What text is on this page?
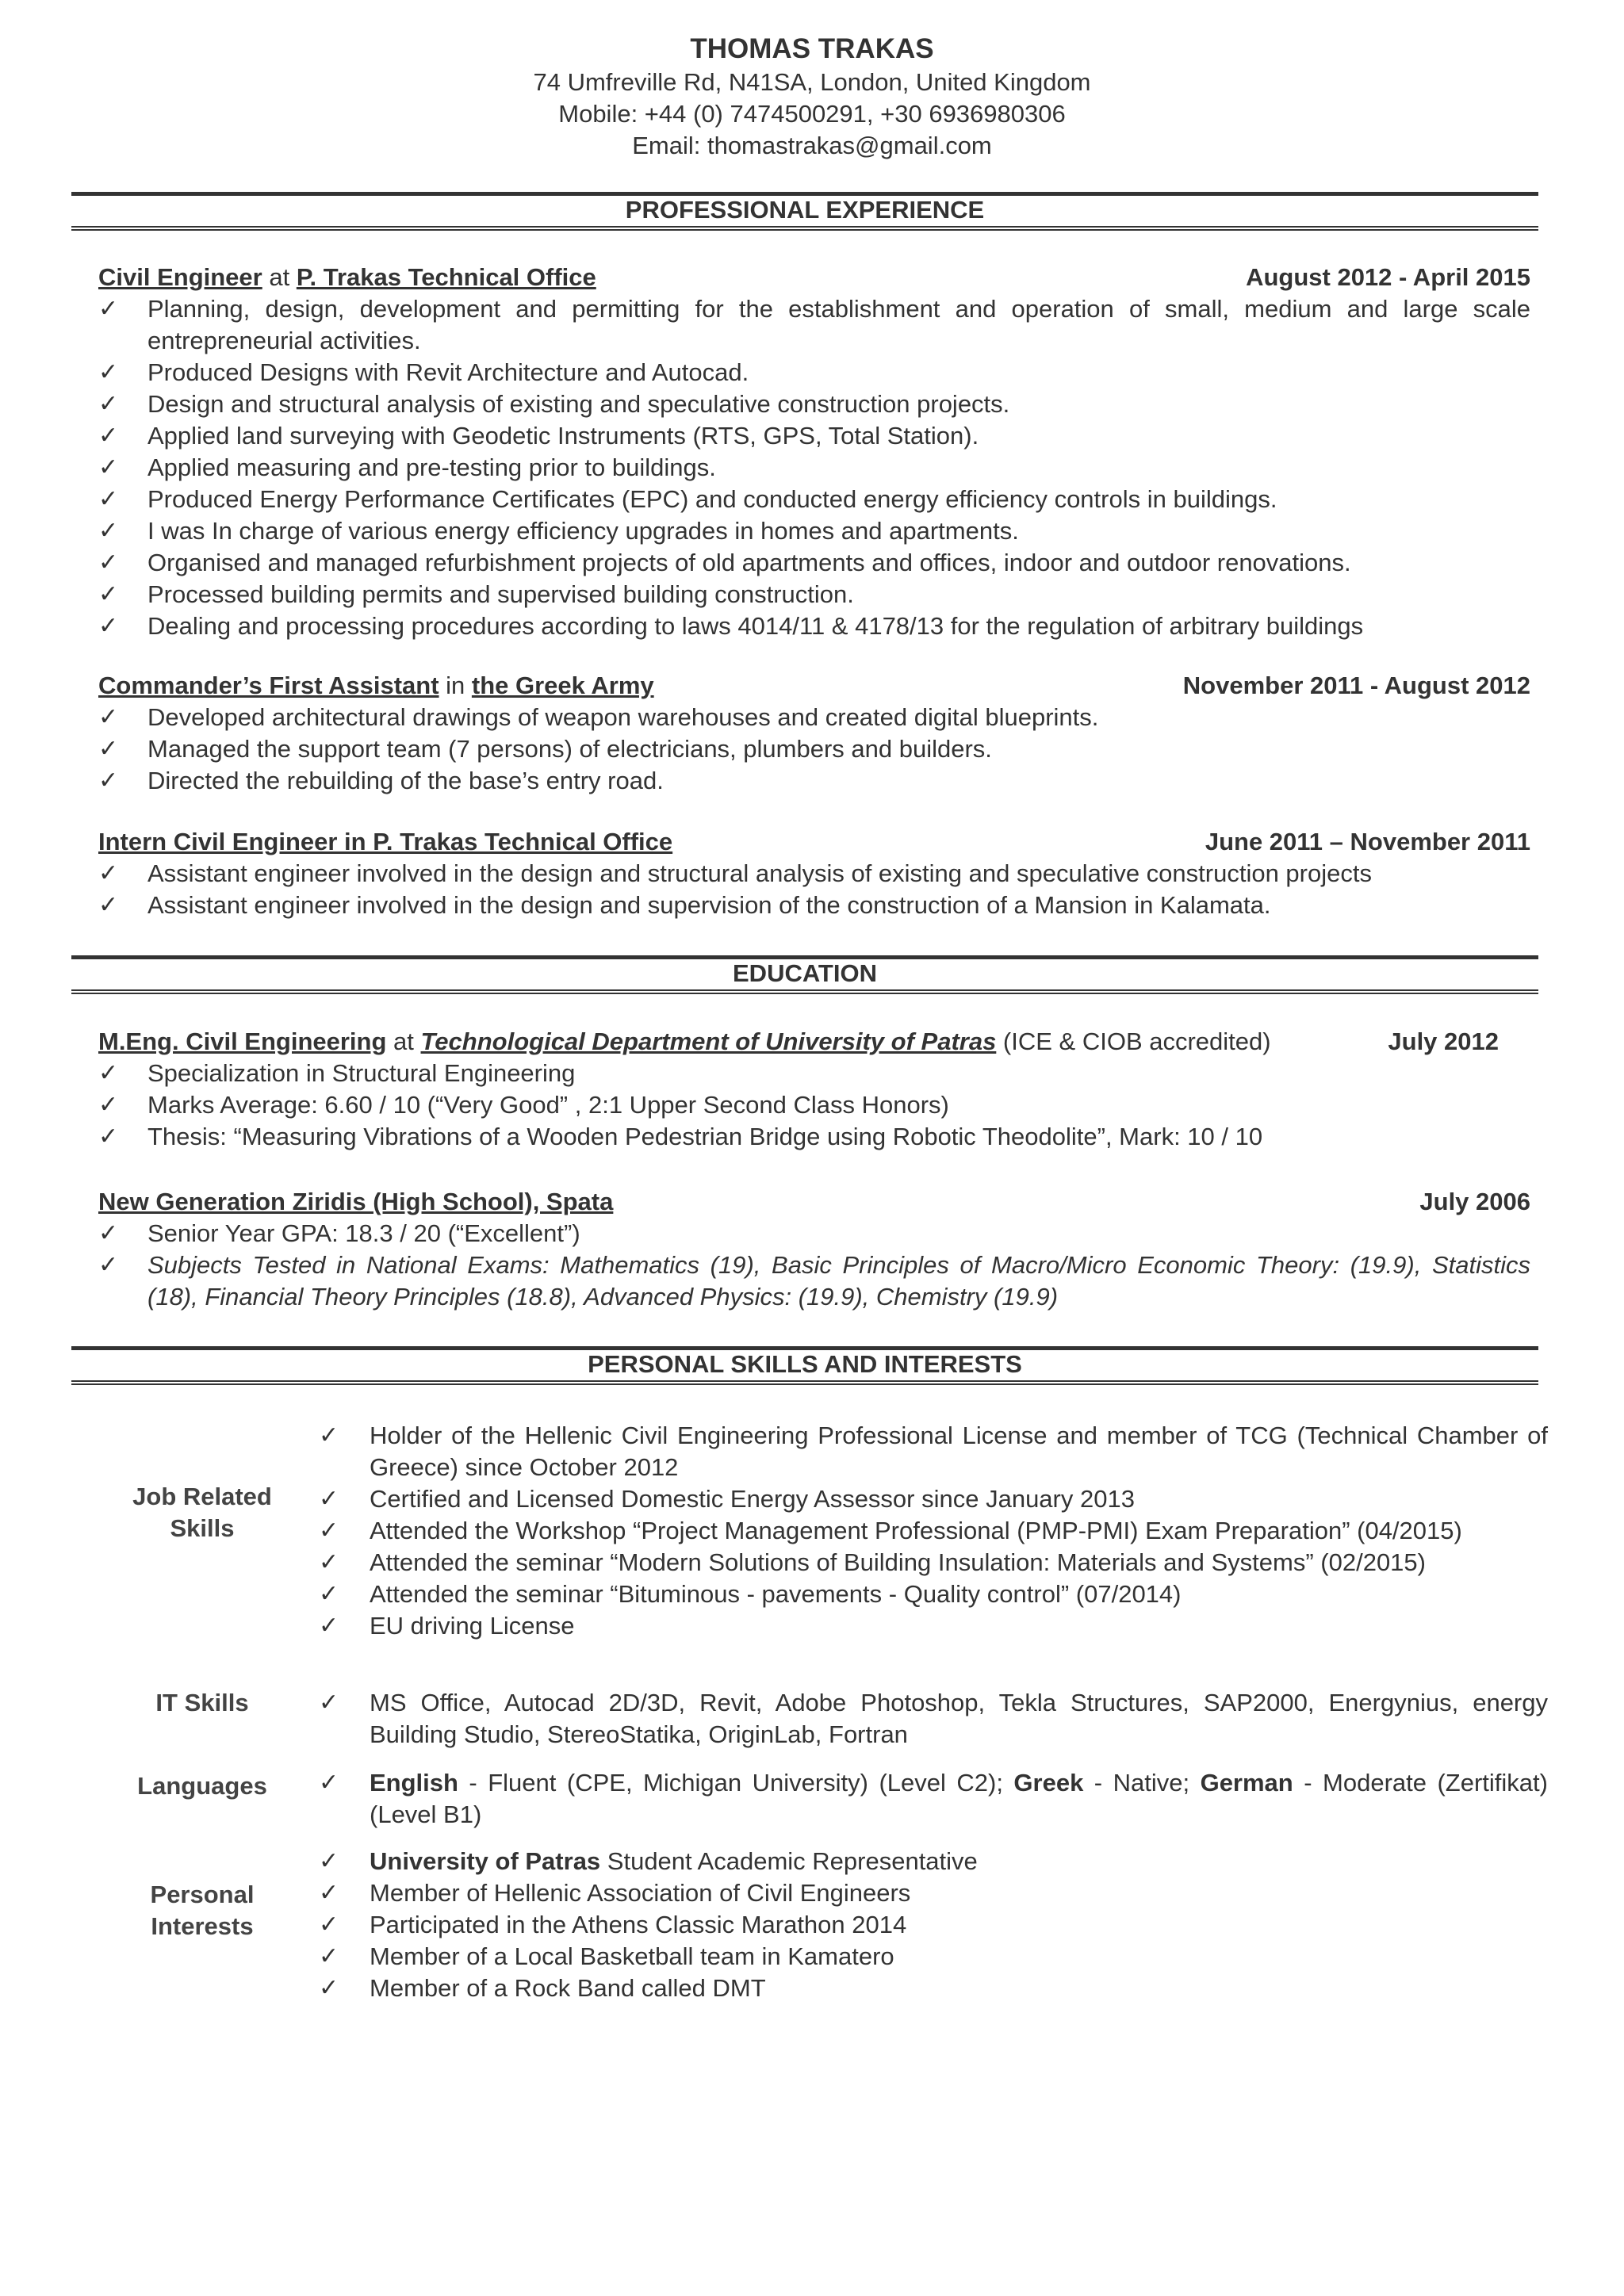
THOMAS TRAKAS
74 Umfreville Rd, N41SA, London, United Kingdom
Mobile: +44 (0) 7474500291, +30 6936980306
Email: thomastrakas@gmail.com
PROFESSIONAL EXPERIENCE
Civil Engineer at P. Trakas Technical Office	August 2012 - April 2015
✓	Planning, design, development and permitting for the establishment and operation of small, medium and large scale entrepreneurial activities.
✓	Produced Designs with Revit Architecture and Autocad.
✓	Design and structural analysis of existing and speculative construction projects.
✓	Applied land surveying with Geodetic Instruments (RTS, GPS, Total Station).
✓	Applied measuring and pre-testing prior to buildings.
✓	Produced Energy Performance Certificates (EPC) and conducted energy efficiency controls in buildings.
✓	I was In charge of various energy efficiency upgrades in homes and apartments.
✓	Organised and managed refurbishment projects of old apartments and offices, indoor and outdoor renovations.
✓	Processed building permits and supervised building construction.
✓	Dealing and processing procedures according to laws 4014/11 & 4178/13 for the regulation of arbitrary buildings
Commander’s First Assistant in the Greek Army	November 2011 - August 2012
✓	Developed architectural drawings of weapon warehouses and created digital blueprints.
✓	Managed the support team (7 persons) of electricians, plumbers and builders.
✓	Directed the rebuilding of the base’s entry road.
Intern Civil Engineer in P. Trakas Technical Office	June 2011 – November 2011
✓	Assistant engineer involved in the design and structural analysis of existing and speculative construction projects
✓	Assistant engineer involved in the design and supervision of the construction of a Mansion in Kalamata.
EDUCATION
M.Eng. Civil Engineering at Technological Department of University of Patras (ICE & CIOB accredited)	July 2012
✓	Specialization in Structural Engineering
✓	Marks Average: 6.60 / 10 (“Very Good” , 2:1 Upper Second Class Honors)
✓	Thesis: “Measuring Vibrations of a Wooden Pedestrian Bridge using Robotic Theodolite”, Mark: 10 / 10
New Generation Ziridis (High School), Spata	July 2006
✓	Senior Year GPA: 18.3 / 20 (“Excellent”)
✓	Subjects Tested in National Exams: Mathematics (19), Basic Principles of Macro/Micro Economic Theory: (19.9), Statistics (18), Financial Theory Principles (18.8), Advanced Physics: (19.9), Chemistry (19.9)
PERSONAL SKILLS AND INTERESTS
Job Related
Skills
✓	Holder of the Hellenic Civil Engineering Professional License and member of TCG (Technical Chamber of Greece) since October 2012
✓	Certified and Licensed Domestic Energy Assessor since January 2013
✓	Attended the Workshop “Project Management Professional (PMP-PMI) Exam Preparation” (04/2015)
✓	Attended the seminar “Modern Solutions of Building Insulation: Materials and Systems” (02/2015)
✓	Attended the seminar “Bituminous - pavements - Quality control” (07/2014)
✓	EU driving License
IT Skills	✓	MS Office, Autocad 2D/3D, Revit, Adobe Photoshop, Tekla Structures, SAP2000, Energynius, energy Building Studio, StereoStatika, OriginLab, Fortran
Languages	✓	English - Fluent (CPE, Michigan University) (Level C2); Greek - Native; German - Moderate (Zertifikat) (Level B1)
Personal
Interests
✓	University of Patras Student Academic Representative
✓	Member of Hellenic Association of Civil Engineers
✓	Participated in the Athens Classic Marathon 2014
✓	Member of a Local Basketball team in Kamatero
✓	Member of a Rock Band called DMT
